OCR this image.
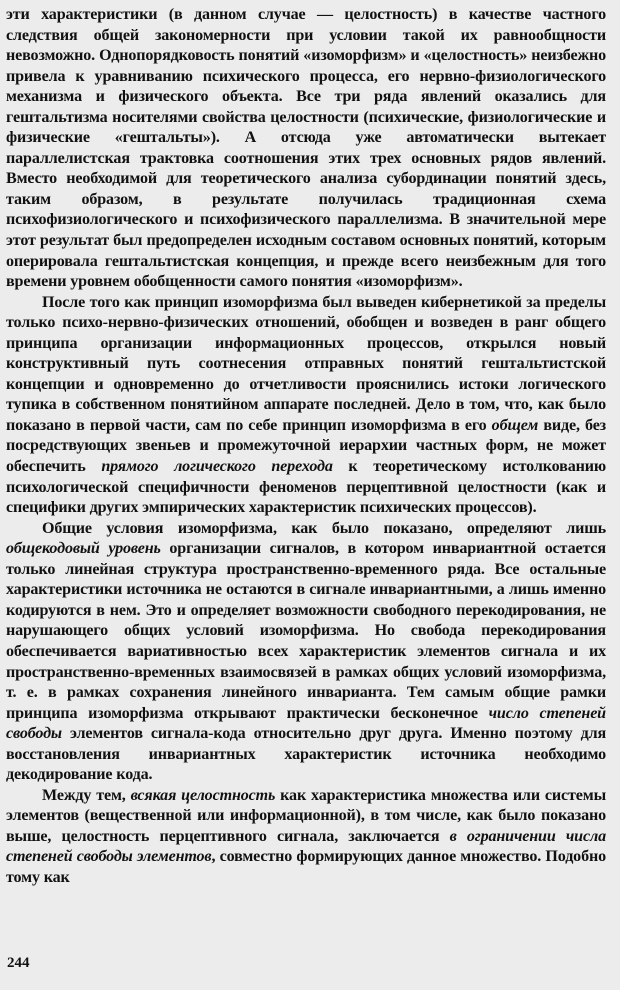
эти характеристики (в данном случае — целостность) в качестве частного следствия общей закономерности при условии такой их равнообщности невозможно. Однопорядковость понятий «изоморфизм» и «целостность» неизбежно привела к уравниванию психического процесса, его нервно-физиологического механизма и физического объекта. Все три ряда явлений оказались для гештальтизма носителями свойства целостности (психические, физиологические и физические «гештальты»). А отсюда уже автоматически вытекает параллелистская трактовка соотношения этих трех основных рядов явлений. Вместо необходимой для теоретического анализа субординации понятий здесь, таким образом, в результате получилась традиционная схема психофизиологического и психофизического параллелизма. В значительной мере этот результат был предопределен исходным составом основных понятий, которым оперировала гештальтистская концепция, и прежде всего неизбежным для того времени уровнем обобщенности самого понятия «изоморфизм».

После того как принцип изоморфизма был выведен кибернетикой за пределы только психо-нервно-физических отношений, обобщен и возведен в ранг общего принципа организации информационных процессов, открылся новый конструктивный путь соотнесения отправных понятий гештальтистской концепции и одновременно до отчетливости прояснились истоки логического тупика в собственном понятийном аппарате последней. Дело в том, что, как было показано в первой части, сам по себе принцип изоморфизма в его общем виде, без посредствующих звеньев и промежуточной иерархии частных форм, не может обеспечить прямого логического перехода к теоретическому истолкованию психологической специфичности феноменов перцептивной целостности (как и специфики других эмпирических характеристик психических процессов).

Общие условия изоморфизма, как было показано, определяют лишь общекодовый уровень организации сигналов, в котором инвариантной остается только линейная структура пространственно-временного ряда. Все остальные характеристики источника не остаются в сигнале инвариантными, а лишь именно кодируются в нем. Это и определяет возможности свободного перекодирования, не нарушающего общих условий изоморфизма. Но свобода перекодирования обеспечивается вариативностью всех характеристик элементов сигнала и их пространственно-временных взаимосвязей в рамках общих условий изоморфизма, т. е. в рамках сохранения линейного инварианта. Тем самым общие рамки принципа изоморфизма открывают практически бесконечное число степеней свободы элементов сигнала-кода относительно друг друга. Именно поэтому для восстановления инвариантных характеристик источника необходимо декодирование кода.

Между тем, всякая целостность как характеристика множества или системы элементов (вещественной или информационной), в том числе, как было показано выше, целостность перцептивного сигнала, заключается в ограничении числа степеней свободы элементов, совместно формирующих данное множество. Подобно тому как

244
